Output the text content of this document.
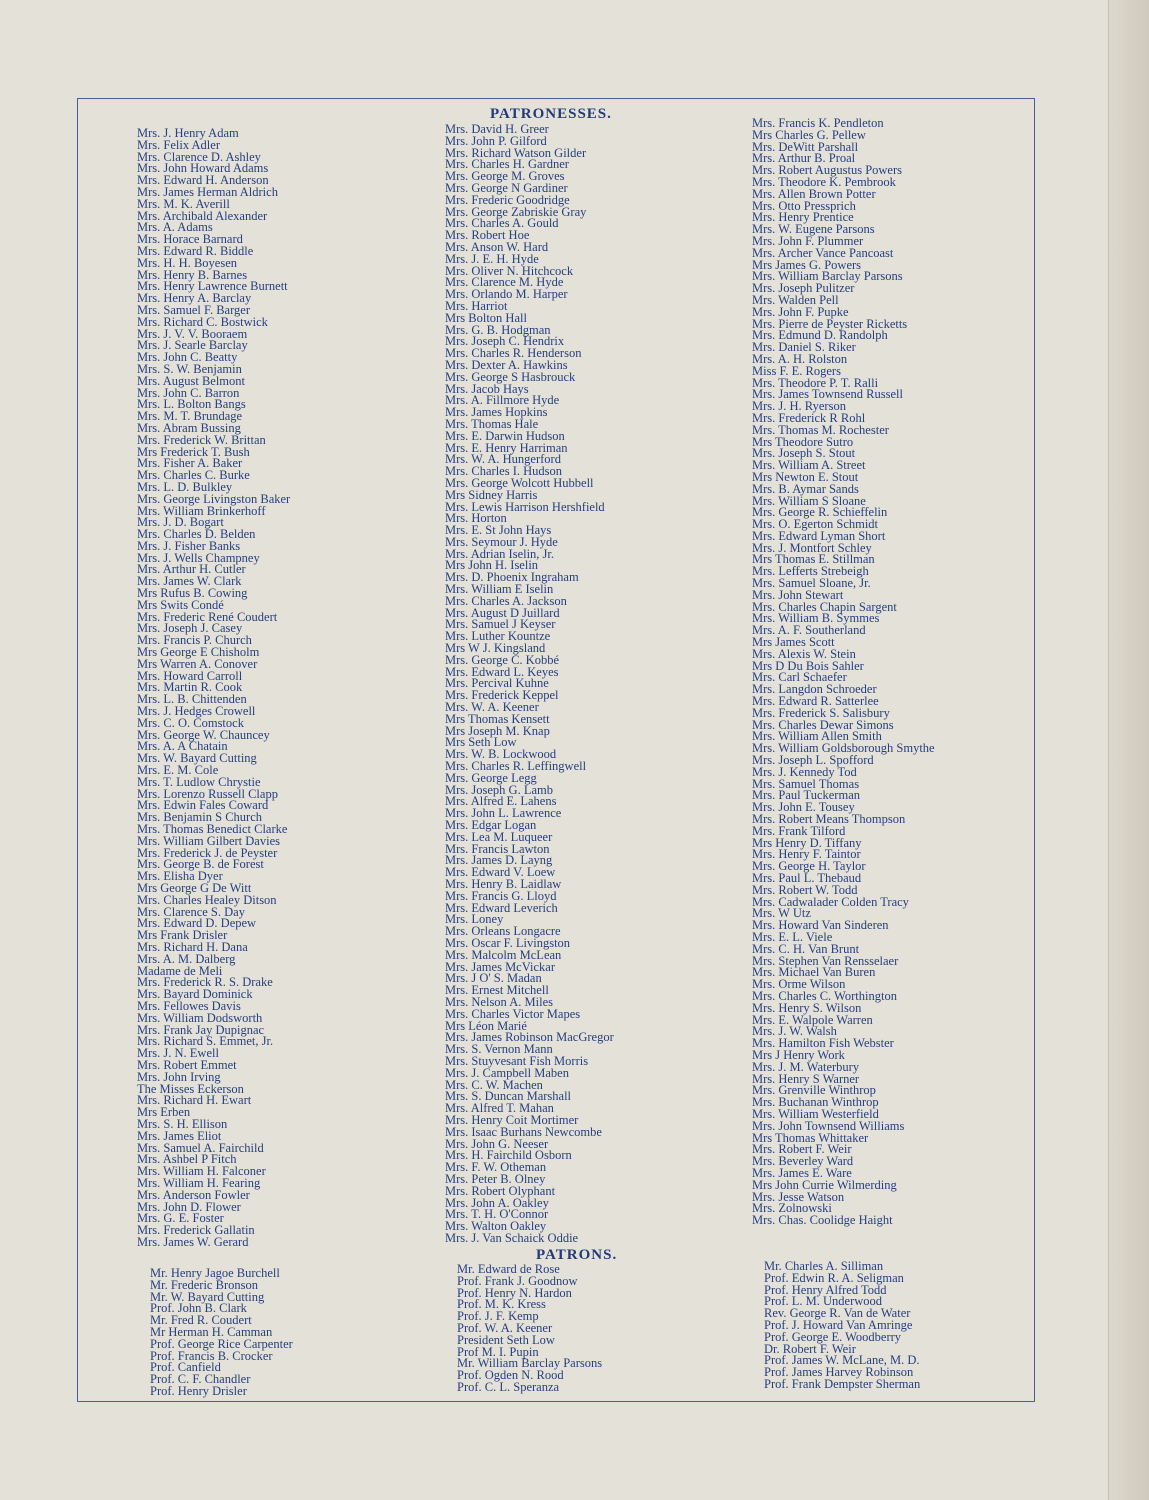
PATRONESSES.
Mrs. J. Henry Adam
Mrs. Felix Adler
Mrs. Clarence D. Ashley
Mrs. John Howard Adams
Mrs. Edward H. Anderson
Mrs. James Herman Aldrich
Mrs. M. K. Averill
Mrs. Archibald Alexander
Mrs. A. Adams
Mrs. Horace Barnard
Mrs. Edward R. Biddle
Mrs. H. H. Boyesen
Mrs. Henry B. Barnes
Mrs. Henry Lawrence Burnett
Mrs. Henry A. Barclay
Mrs. Samuel F. Barger
Mrs. Richard C. Bostwick
Mrs. J. V. V. Booraem
Mrs. J. Searle Barclay
Mrs. John C. Beatty
Mrs. S. W. Benjamin
Mrs. August Belmont
Mrs. John C. Barron
Mrs. L. Bolton Bangs
Mrs. M. T. Brundage
Mrs. Abram Bussing
Mrs. Frederick W. Brittan
Mrs Frederick T. Bush
Mrs. Fisher A. Baker
Mrs. Charles C. Burke
Mrs. L. D. Bulkley
Mrs. George Livingston Baker
Mrs. William Brinkerhoff
Mrs. J. D. Bogart
Mrs. Charles D. Belden
Mrs. J. Fisher Banks
Mrs. J. Wells Champney
Mrs. Arthur H. Cutler
Mrs. James W. Clark
Mrs Rufus B. Cowing
Mrs Swits Condé
Mrs. Frederic René Coudert
Mrs. Joseph J. Casey
Mrs. Francis P. Church
Mrs George E Chisholm
Mrs Warren A. Conover
Mrs. Howard Carroll
Mrs. Martin R. Cook
Mrs. L. B. Chittenden
Mrs. J. Hedges Crowell
Mrs. C. O. Comstock
Mrs. George W. Chauncey
Mrs. A. A Chatain
Mrs. W. Bayard Cutting
Mrs. E. M. Cole
Mrs. T. Ludlow Chrystie
Mrs. Lorenzo Russell Clapp
Mrs. Edwin Fales Coward
Mrs. Benjamin S Church
Mrs. Thomas Benedict Clarke
Mrs. William Gilbert Davies
Mrs. Frederick J. de Peyster
Mrs. George B. de Forest
Mrs. Elisha Dyer
Mrs George G De Witt
Mrs. Charles Healey Ditson
Mrs. Clarence S. Day
Mrs. Edward D. Depew
Mrs Frank Drisler
Mrs. Richard H. Dana
Mrs. A. M. Dalberg
Madame de Meli
Mrs. Frederick R. S. Drake
Mrs. Bayard Dominick
Mrs. Fellowes Davis
Mrs. William Dodsworth
Mrs. Frank Jay Dupignac
Mrs. Richard S. Emmet, Jr.
Mrs. J. N. Ewell
Mrs. Robert Emmet
Mrs. John Irving
The Misses Eckerson
Mrs. Richard H. Ewart
Mrs Erben
Mrs. S. H. Ellison
Mrs. James Eliot
Mrs. Samuel A. Fairchild
Mrs. Ashbel P Fitch
Mrs. William H. Falconer
Mrs. William H. Fearing
Mrs. Anderson Fowler
Mrs. John D. Flower
Mrs. G. E. Foster
Mrs. Frederick Gallatin
Mrs. James W. Gerard
Mrs. David H. Greer
Mrs. John P. Gilford
Mrs. Richard Watson Gilder
Mrs. Charles H. Gardner
Mrs. George M. Groves
Mrs. George N Gardiner
Mrs. Frederic Goodridge
Mrs. George Zabriskie Gray
Mrs. Charles A. Gould
Mrs. Robert Hoe
Mrs. Anson W. Hard
Mrs. J. E. H. Hyde
Mrs. Oliver N. Hitchcock
Mrs. Clarence M. Hyde
Mrs. Orlando M. Harper
Mrs. Harriot
Mrs Bolton Hall
Mrs. G. B. Hodgman
Mrs. Joseph C. Hendrix
Mrs. Charles R. Henderson
Mrs. Dexter A. Hawkins
Mrs. George S Hasbrouck
Mrs. Jacob Hays
Mrs. A. Fillmore Hyde
Mrs. James Hopkins
Mrs. Thomas Hale
Mrs. E. Darwin Hudson
Mrs. E. Henry Harriman
Mrs. W. A. Hungerford
Mrs. Charles I. Hudson
Mrs. George Wolcott Hubbell
Mrs Sidney Harris
Mrs. Lewis Harrison Hershfield
Mrs. Horton
Mrs. E. St John Hays
Mrs. Seymour J. Hyde
Mrs. Adrian Iselin, Jr.
Mrs John H. Iselin
Mrs. D. Phoenix Ingraham
Mrs. William E Iselin
Mrs. Charles A. Jackson
Mrs. August D Juillard
Mrs. Samuel J Keyser
Mrs. Luther Kountze
Mrs W J. Kingsland
Mrs. George C. Kobbé
Mrs. Edward L. Keyes
Mrs. Percival Kuhne
Mrs. Frederick Keppel
Mrs. W. A. Keener
Mrs Thomas Kensett
Mrs Joseph M. Knap
Mrs Seth Low
Mrs. W. B. Lockwood
Mrs. Charles R. Leffingwell
Mrs. George Legg
Mrs. Joseph G. Lamb
Mrs. Alfred E. Lahens
Mrs. John L. Lawrence
Mrs. Edgar Logan
Mrs. Lea M. Luqueer
Mrs. Francis Lawton
Mrs. James D. Layng
Mrs. Edward V. Loew
Mrs. Henry B. Laidlaw
Mrs. Francis G. Lloyd
Mrs. Edward Leverich
Mrs. Loney
Mrs. Orleans Longacre
Mrs. Oscar F. Livingston
Mrs. Malcolm McLean
Mrs. James McVickar
Mrs. J O' S. Madan
Mrs. Ernest Mitchell
Mrs. Nelson A. Miles
Mrs. Charles Victor Mapes
Mrs Léon Marié
Mrs. James Robinson MacGregor
Mrs. S. Vernon Mann
Mrs. Stuyvesant Fish Morris
Mrs. J. Campbell Maben
Mrs. C. W. Machen
Mrs. S. Duncan Marshall
Mrs. Alfred T. Mahan
Mrs. Henry Coit Mortimer
Mrs. Isaac Burhans Newcombe
Mrs. John G. Neeser
Mrs. H. Fairchild Osborn
Mrs. F. W. Otheman
Mrs. Peter B. Olney
Mrs. Robert Olyphant
Mrs. John A. Oakley
Mrs. T. H. O'Connor
Mrs. Walton Oakley
Mrs. J. Van Schaick Oddie
Mrs. Francis K. Pendleton
Mrs Charles G. Pellew
Mrs. DeWitt Parshall
Mrs. Arthur B. Proal
Mrs. Robert Augustus Powers
Mrs. Theodore K. Pembrook
Mrs. Allen Brown Potter
Mrs. Otto Pressprich
Mrs. Henry Prentice
Mrs. W. Eugene Parsons
Mrs. John F. Plummer
Mrs. Archer Vance Pancoast
Mrs James G. Powers
Mrs. William Barclay Parsons
Mrs. Joseph Pulitzer
Mrs. Walden Pell
Mrs. John F. Pupke
Mrs. Pierre de Peyster Ricketts
Mrs. Edmund D. Randolph
Mrs. Daniel S. Riker
Mrs. A. H. Rolston
Miss F. E. Rogers
Mrs. Theodore P. T. Ralli
Mrs. James Townsend Russell
Mrs. J. H. Ryerson
Mrs. Frederick R Rohl
Mrs. Thomas M. Rochester
Mrs Theodore Sutro
Mrs. Joseph S. Stout
Mrs. William A. Street
Mrs Newton E. Stout
Mrs. B. Aymar Sands
Mrs. William S Sloane
Mrs. George R. Schieffelin
Mrs. O. Egerton Schmidt
Mrs. Edward Lyman Short
Mrs. J. Montfort Schley
Mrs Thomas E. Stillman
Mrs. Lefferts Strebeigh
Mrs. Samuel Sloane, Jr.
Mrs. John Stewart
Mrs. Charles Chapin Sargent
Mrs. William B. Symmes
Mrs. A. F. Southerland
Mrs James Scott
Mrs. Alexis W. Stein
Mrs D Du Bois Sahler
Mrs. Carl Schaefer
Mrs. Langdon Schroeder
Mrs. Edward R. Satterlee
Mrs. Frederick S. Salisbury
Mrs. Charles Dewar Simons
Mrs. William Allen Smith
Mrs. William Goldsborough Smythe
Mrs. Joseph L. Spofford
Mrs. J. Kennedy Tod
Mrs. Samuel Thomas
Mrs. Paul Tuckerman
Mrs. John E. Tousey
Mrs. Robert Means Thompson
Mrs. Frank Tilford
Mrs Henry D. Tiffany
Mrs. Henry F. Taintor
Mrs. George H. Taylor
Mrs. Paul L. Thebaud
Mrs. Robert W. Todd
Mrs. Cadwalader Colden Tracy
Mrs. W Utz
Mrs. Howard Van Sinderen
Mrs. E. L. Viele
Mrs. C. H. Van Brunt
Mrs. Stephen Van Rensselaer
Mrs. Michael Van Buren
Mrs. Orme Wilson
Mrs. Charles C. Worthington
Mrs. Henry S. Wilson
Mrs. E. Walpole Warren
Mrs. J. W. Walsh
Mrs. Hamilton Fish Webster
Mrs J Henry Work
Mrs. J. M. Waterbury
Mrs. Henry S Warner
Mrs. Grenville Winthrop
Mrs. Buchanan Winthrop
Mrs. William Westerfield
Mrs. John Townsend Williams
Mrs Thomas Whittaker
Mrs. Robert F. Weir
Mrs. Beverley Ward
Mrs. James E. Ware
Mrs John Currie Wilmerding
Mrs. Jesse Watson
Mrs. Zolnowski
Mrs. Chas. Coolidge Haight
PATRONS.
Mr. Henry Jagoe Burchell
Mr. Frederic Bronson
Mr. W. Bayard Cutting
Prof. John B. Clark
Mr. Fred R. Coudert
Mr Herman H. Camman
Prof. George Rice Carpenter
Prof. Francis B. Crocker
Prof. Canfield
Prof. C. F. Chandler
Prof. Henry Drisler
Mr. Edward de Rose
Prof. Frank J. Goodnow
Prof. Henry N. Hardon
Prof. M. K. Kress
Prof. J. F. Kemp
Prof. W. A. Keener
President Seth Low
Prof M. I. Pupin
Mr. William Barclay Parsons
Prof. Ogden N. Rood
Prof. C. L. Speranza
Mr. Charles A. Silliman
Prof. Edwin R. A. Seligman
Prof. Henry Alfred Todd
Prof. L. M. Underwood
Rev. George R. Van de Water
Prof. J. Howard Van Amringe
Prof. George E. Woodberry
Dr. Robert F. Weir
Prof. James W. McLane, M. D.
Prof. James Harvey Robinson
Prof. Frank Dempster Sherman
